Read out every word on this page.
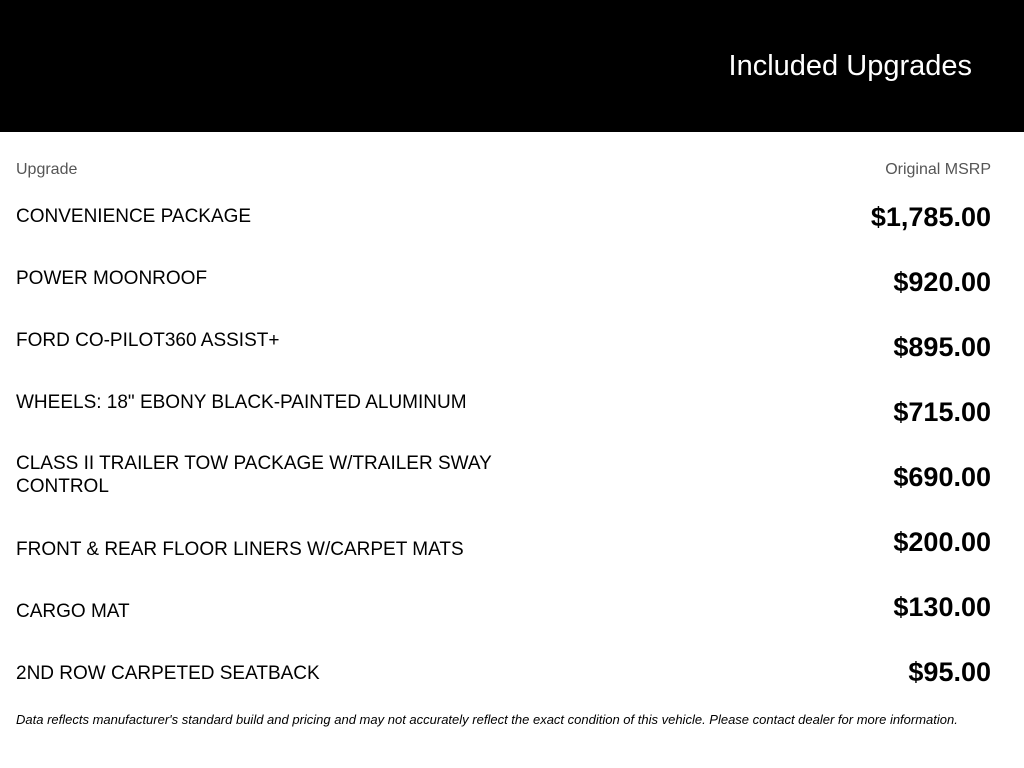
Included Upgrades
Upgrade	Original MSRP
CONVENIENCE PACKAGE	$1,785.00
POWER MOONROOF	$920.00
FORD CO-PILOT360 ASSIST+	$895.00
WHEELS: 18" EBONY BLACK-PAINTED ALUMINUM	$715.00
CLASS II TRAILER TOW PACKAGE W/TRAILER SWAY CONTROL	$690.00
FRONT & REAR FLOOR LINERS W/CARPET MATS	$200.00
CARGO MAT	$130.00
2ND ROW CARPETED SEATBACK	$95.00
Data reflects manufacturer's standard build and pricing and may not accurately reflect the exact condition of this vehicle. Please contact dealer for more information.
